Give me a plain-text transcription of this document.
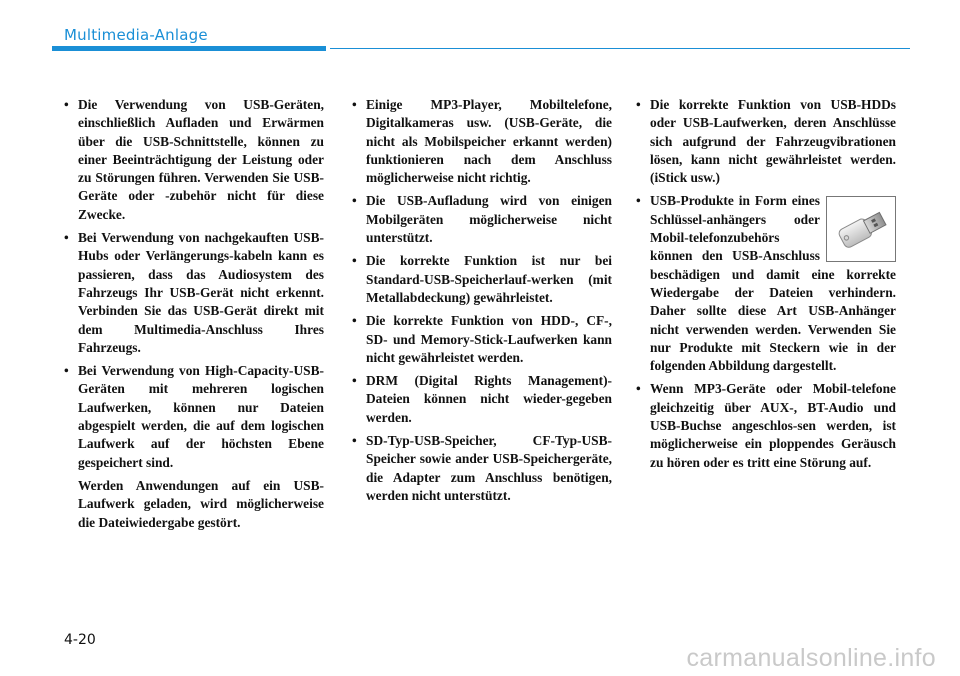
Multimedia-Anlage
• Die Verwendung von USB-Geräten, einschließlich Aufladen und Erwärmen über die USB-Schnittstelle, können zu einer Beeinträchtigung der Leistung oder zu Störungen führen. Verwenden Sie USB-Geräte oder -zubehör nicht für diese Zwecke.
• Bei Verwendung von nachgekauften USB-Hubs oder Verlängerungs-kabeln kann es passieren, dass das Audiosystem des Fahrzeugs Ihr USB-Gerät nicht erkennt. Verbinden Sie das USB-Gerät direkt mit dem Multimedia-Anschluss Ihres Fahrzeugs.
• Bei Verwendung von High-Capacity-USB-Geräten mit mehreren logischen Laufwerken, können nur Dateien abgespielt werden, die auf dem logischen Laufwerk auf der höchsten Ebene gespeichert sind.
Werden Anwendungen auf ein USB-Laufwerk geladen, wird möglicherweise die Dateiwiedergabe gestört.
• Einige MP3-Player, Mobiltelefone, Digitalkameras usw. (USB-Geräte, die nicht als Mobilspeicher erkannt werden) funktionieren nach dem Anschluss möglicherweise nicht richtig.
• Die USB-Aufladung wird von einigen Mobilgeräten möglicherweise nicht unterstützt.
• Die korrekte Funktion ist nur bei Standard-USB-Speicherlauf-werken (mit Metallabdeckung) gewährleistet.
• Die korrekte Funktion von HDD-, CF-, SD- und Memory-Stick-Laufwerken kann nicht gewährleistet werden.
• DRM (Digital Rights Management)-Dateien können nicht wieder-gegeben werden.
• SD-Typ-USB-Speicher, CF-Typ-USB-Speicher sowie ander USB-Speichergeräte, die Adapter zum Anschluss benötigen, werden nicht unterstützt.
• Die korrekte Funktion von USB-HDDs oder USB-Laufwerken, deren Anschlüsse sich aufgrund der Fahrzeugvibrationen lösen, kann nicht gewährleistet werden. (iStick usw.)
• USB-Produkte in Form eines Schlüssel-anhängers oder Mobil-telefonzubehörs können den USB-Anschluss beschädigen und damit eine korrekte Wiedergabe der Dateien verhindern. Daher sollte diese Art USB-Anhänger nicht verwenden werden. Verwenden Sie nur Produkte mit Steckern wie in der folgenden Abbildung dargestellt.
• Wenn MP3-Geräte oder Mobil-telefone gleichzeitig über AUX-, BT-Audio und USB-Buchse angeschlos-sen werden, ist möglicherweise ein ploppendes Geräusch zu hören oder es tritt eine Störung auf.
4-20
carmanualsonline.info
